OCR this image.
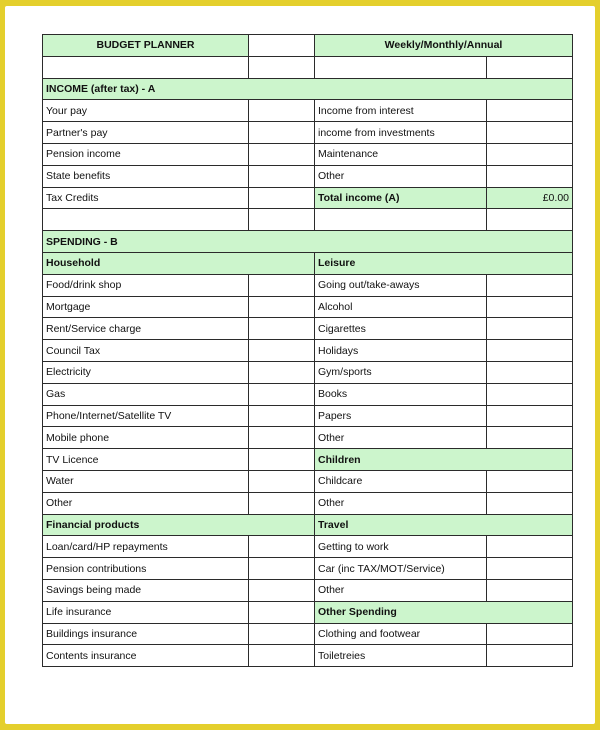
BUDGET PLANNER		Weekly/Monthly/Annual	

INCOME (after tax) - A			
Your pay		Income from interest	
Partner's pay		income from investments	
Pension income		Maintenance	
State benefits		Other	
Tax Credits		Total income (A)	£0.00

SPENDING - B			
Household		Leisure	
Food/drink shop		Going out/take-aways	
Mortgage		Alcohol	
Rent/Service charge		Cigarettes	
Council Tax		Holidays	
Electricity		Gym/sports	
Gas		Books	
Phone/Internet/Satellite TV		Papers	
Mobile phone		Other	
TV Licence		Children	
Water		Childcare	
Other		Other	
Financial products		Travel	
Loan/card/HP repayments		Getting to work	
Pension contributions		Car (inc TAX/MOT/Service)	
Savings being made		Other	
Life insurance		Other Spending	
Buildings insurance		Clothing and footwear	
Contents insurance		Toiletreies	
